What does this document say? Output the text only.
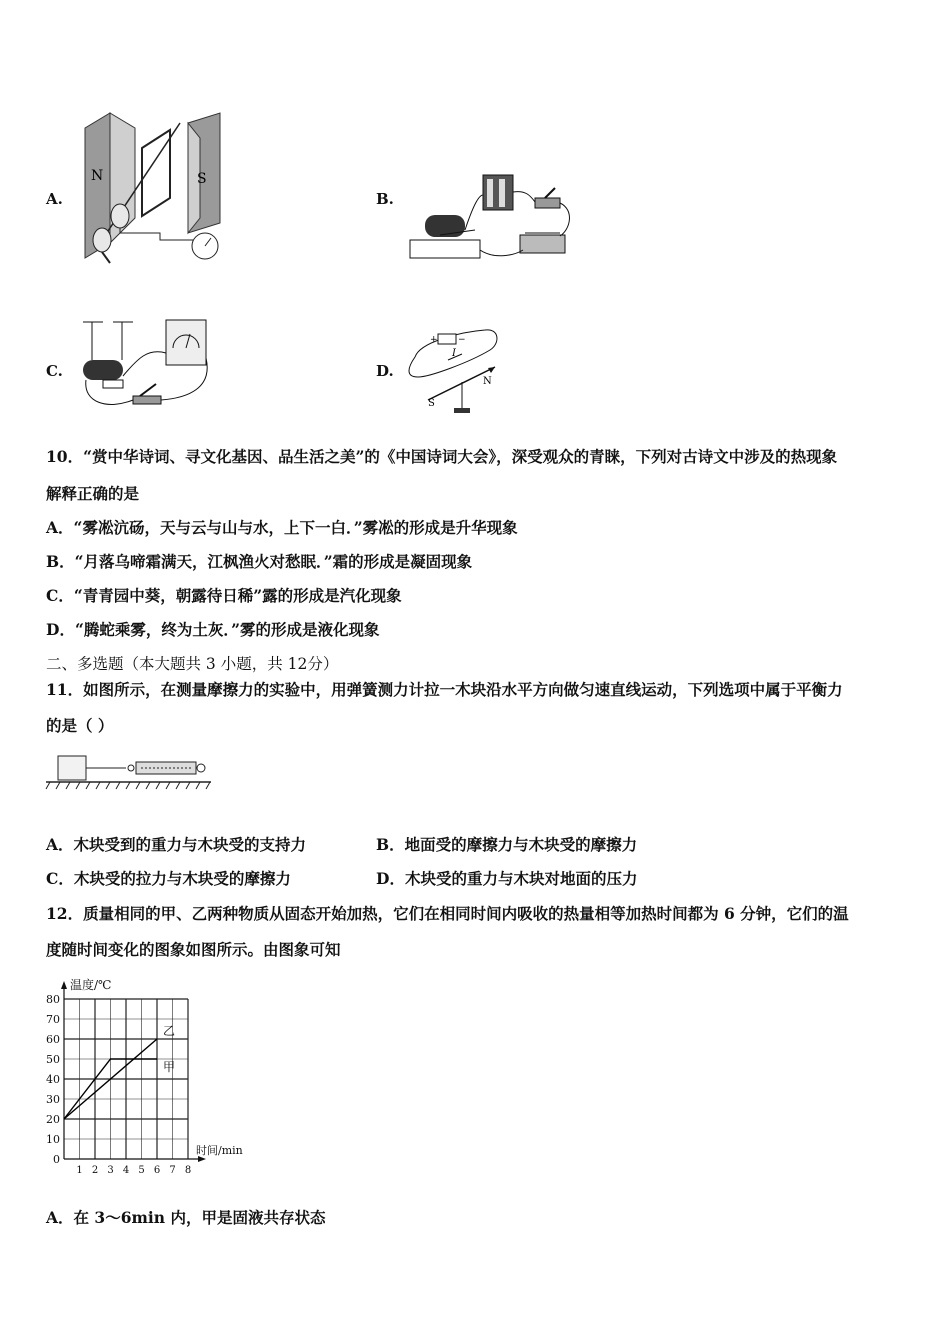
A.
N	S
B.
C.	D.
+ −
I
N
S
10．“赏中华诗词、寻文化基因、品生活之美”的《中国诗词大会》，深受观众的青睐，下列对古诗文中涉及的热现象
解释正确的是
A．“雾凇沆砀，天与云与山与水，上下一白．”雾凇的形成是升华现象
B．“月落乌啼霜满天，江枫渔火对愁眠．”霜的形成是凝固现象
C．“青青园中葵，朝露待日稀”露的形成是汽化现象
D．“腾蛇乘雾，终为土灰．”雾的形成是液化现象
二、多选题（本大题共 3 小题，共 12分）
11．如图所示，在测量摩擦力的实验中，用弹簧测力计拉一木块沿水平方向做匀速直线运动，下列选项中属于平衡力
的是（ ）
A．木块受到的重力与木块受的支持力	B．地面受的摩擦力与木块受的摩擦力
C．木块受的拉力与木块受的摩擦力	D．木块受的重力与木块对地面的压力
12．质量相同的甲、乙两种物质从固态开始加热，它们在相同时间内吸收的热量相等加热时间都为 6 分钟，它们的温
度随时间变化的图象如图所示。由图象可知
0
10
20
30
40
50
60
70
80
1 2 3 4 5 6 7 8
温度/℃
时间/min
甲
乙
A．在 3～6min 内，甲是固液共存状态
